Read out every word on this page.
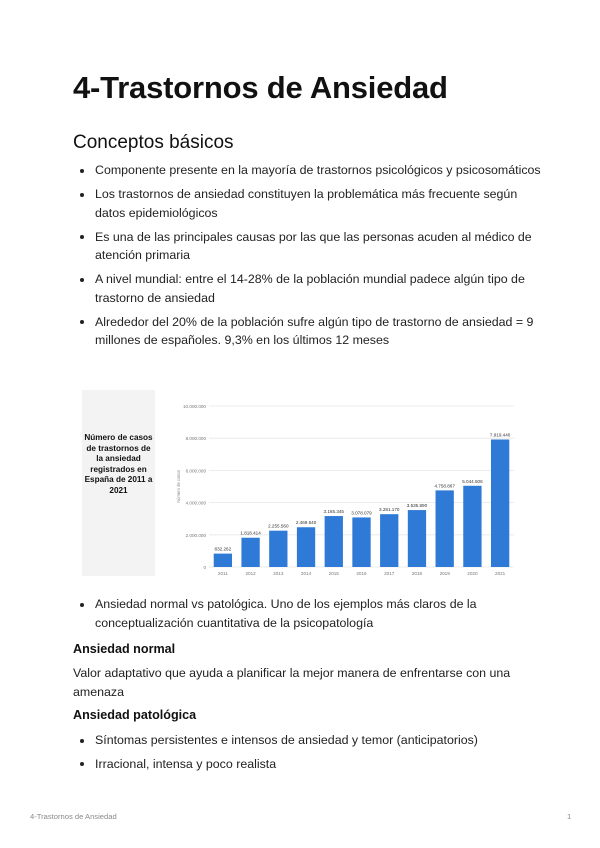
4-Trastornos de Ansiedad
Conceptos básicos
Componente presente en la mayoría de trastornos psicológicos y psicosomáticos
Los trastornos de ansiedad constituyen la problemática más frecuente según datos epidemiológicos
Es una de las principales causas por las que las personas acuden al médico de atención primaria
A nivel mundial: entre el 14-28% de la población mundial padece algún tipo de trastorno de ansiedad
Alrededor del 20% de la población sufre algún tipo de trastorno de ansiedad = 9 millones de españoles. 9,3% en los últimos 12 meses
Número de casos de trastornos de la ansiedad registrados en España de 2011 a 2021
0
2.000.000
4.000.000
6.000.000
8.000.000
10.000.000
Número de casos
832.262
2011
1.818.414
2012
2.255.560
2013
2.469.540
2014
3.165.345
2015
3.078.079
2016
3.281.170
2017
3.535.890
2018
4.758.867
2019
5.044.506
2020
7.919.440
2021
Ansiedad normal vs patológica. Uno de los ejemplos más claros de la conceptualización cuantitativa de la psicopatología
Ansiedad normal

Valor adaptativo que ayuda a planificar la mejor manera de enfrentarse con una amenaza

Ansiedad patológica
Síntomas persistentes e intensos de ansiedad y temor (anticipatorios)
Irracional, intensa y poco realista
4-Trastornos de Ansiedad	1
